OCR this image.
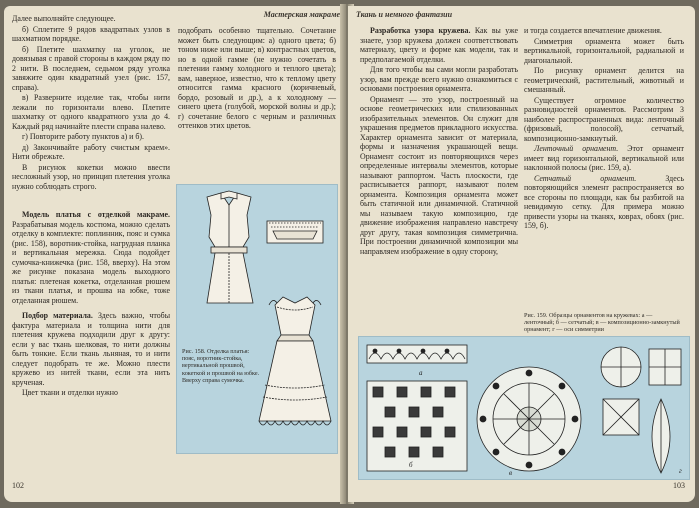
Мастерская макраме

Далее выполняйте следующее.

б) Сплетите 9 рядов квадратных узлов в шахматном порядке.

б) Плетите шахматку на уголок, не довязывая с правой стороны в каждом ряду по 2 нити. В последнем, седьмом ряду уголка завяжите один квадратный узел (рис. 157, справа).

в) Разверните изделие так, чтобы нити лежали по горизонтали влево. Плетите шахматку от одного квадратного узла до 4. Каждый ряд начинайте плести справа налево.

г) Повторите работу пунктов а) и б).

д) Закончивайте работу счистым краем». Нити обрежьте.

В рисунок кокетки можно ввести несложный узор, но принцип плетения уголка нужно соблюдать строго.

Модель платья с отделкой макраме. Разрабатывая модель костюма, можно сделать отделку в комплекте: поплинник, пояс и сумка (рис. 158), воротник-стойка, нагрудная планка и вертикальная мережка. Сюда подойдет сумочка-книжечка (рис. 158, вверху). На этом же рисунке показана модель выходного платья: плетеная кокетка, отделанная рюшем из ткани платья, и прошва на юбке, тоже отделанная рюшем.

Подбор материала. Здесь важно, чтобы фактура материала и толщина нити для плетения кружева подходили друг к другу: если у вас ткань шелковая, то нити должны быть тонкие. Если ткань льняная, то и нити следует подобрать те же. Можно плести кружево из нитей ткани, если эта нить крученая.

Цвет ткани и отделки нужно

подобрать особенно тщательно. Сочетание может быть следующим: а) одного цвета; б) тоном ниже или выше; в) контрастных цветов, но в одной гамме (не нужно сочетать в плетении гамму холодного и теплого цвета); вам, наверное, известно, что к теплому цвету относится гамма красного (коричневый, бордо, розовый и др.), а к холодному — синего цвета (голубой, морской волны и др.); г) сочетание белого с черным и различных оттенков этих цветов.

Рис. 158. Отделка платья: пояс, воротник-стойка, вертикальной прошвой, кокеткой и прошвой на юбке. Вверху справа сумочка.
102
Ткань и немного фантазии

Разработка узора кружева. Как вы уже знаете, узор кружева должен соответствовать материалу, цвету и форме как модели, так и предполагаемой отделки.

Для того чтобы вы сами могли разработать узор, вам прежде всего нужно ознакомиться с основами построения орнамента.

Орнамент — это узор, построенный на основе геометрических или стилизованных изобразительных элементов. Он служит для украшения предметов прикладного искусства. Характер орнамента зависит от материала, формы и назначения украшающей вещи. Орнамент состоит из повторяющихся через определенные интервалы элементов, которые называют раппортом. Часть плоскости, где расписывается раппорт, называют полем орнамента. Композиция орнамента может быть статичной или динамичной. Статичной мы называем такую композицию, где движение изображения направлено навстречу друг другу, такая композиция симметрична. При построении динамичной композиции мы направляем изображение в одну сторону,

и тогда создается впечатление движения.

Симметрия орнамента может быть вертикальной, горизонтальной, радиальной и диагональной.

По рисунку орнамент делится на геометрический, растительный, животный и смешанный.

Существует огромное количество разновидностей орнаментов. Рассмотрим 3 наиболее распространенных вида: ленточный (фризовый, полосой), сетчатый, композиционно-замкнутый.

Ленточный орнамент. Этот орнамент имеет вид горизонтальной, вертикальной или наклонной полосы (рис. 159, а).

Сетчатый орнамент.	Здесь повторяющийся элемент распространяется во все стороны по площади, как бы разбитой на невидимую сетку. Для примера можно привести узоры на тканях, коврах, обоях (рис. 159, б).

Рис. 159. Образцы орнаментов на кружевах: а — ленточный; б — сетчатый; в — композиционно-замкнутый орнамент; г — оси симметрии
а
б
в	г
103
